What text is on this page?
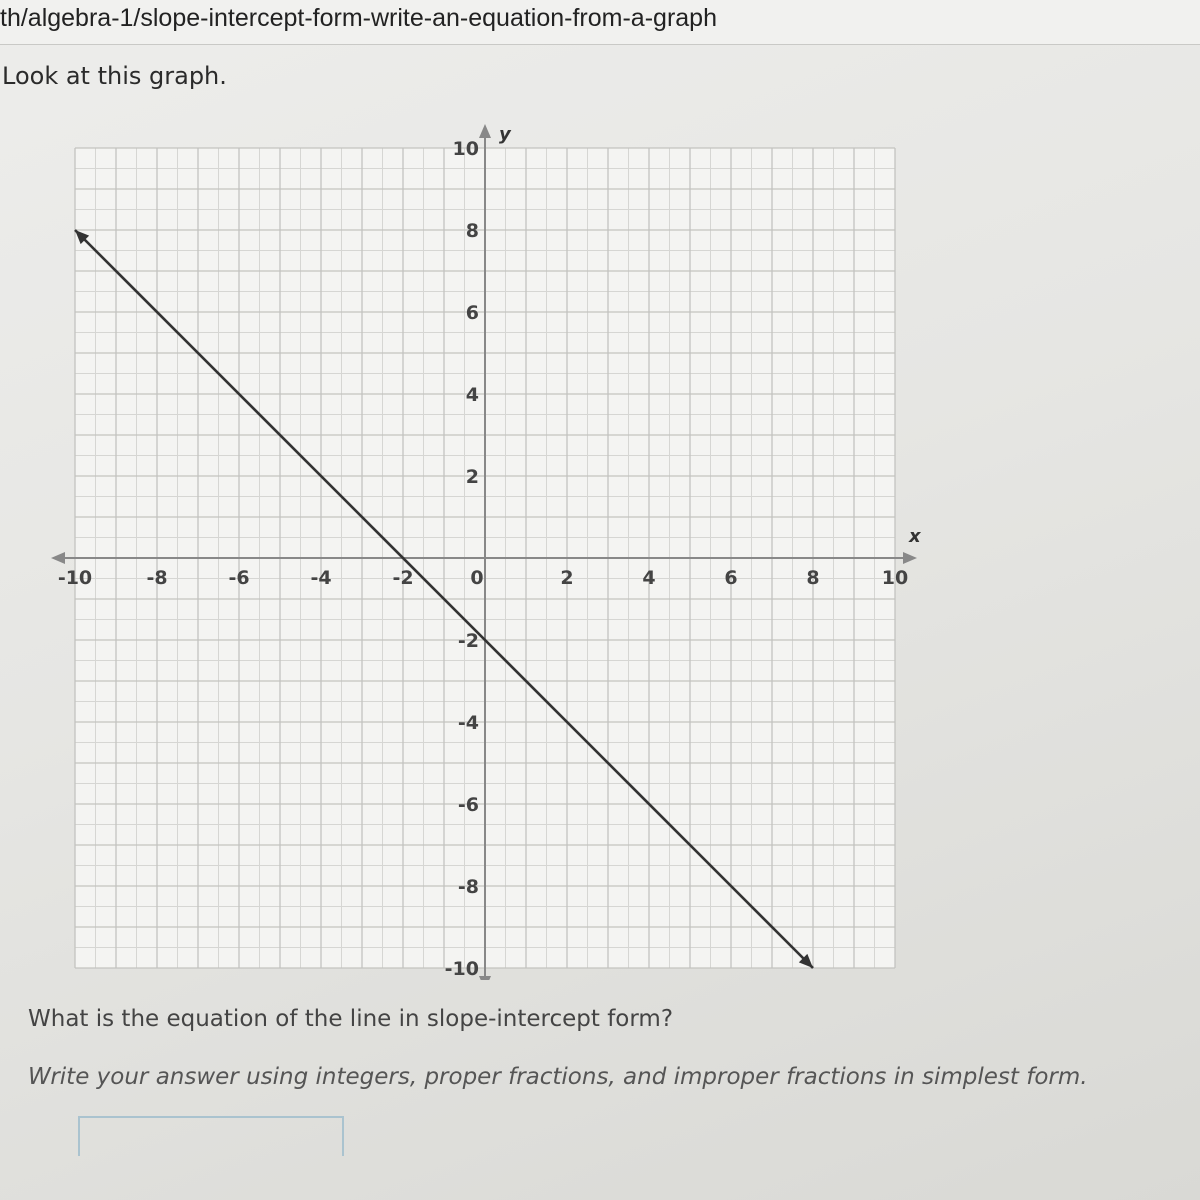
th/algebra-1/slope-intercept-form-write-an-equation-from-a-graph
Look at this graph.
x
y
-10	-8	-6	-4	-2	0	2	4	6	8	10
10
8
6
4
2
-2
-4
-6
-8
-10
What is the equation of the line in slope-intercept form?
Write your answer using integers, proper fractions, and improper fractions in simplest form.
